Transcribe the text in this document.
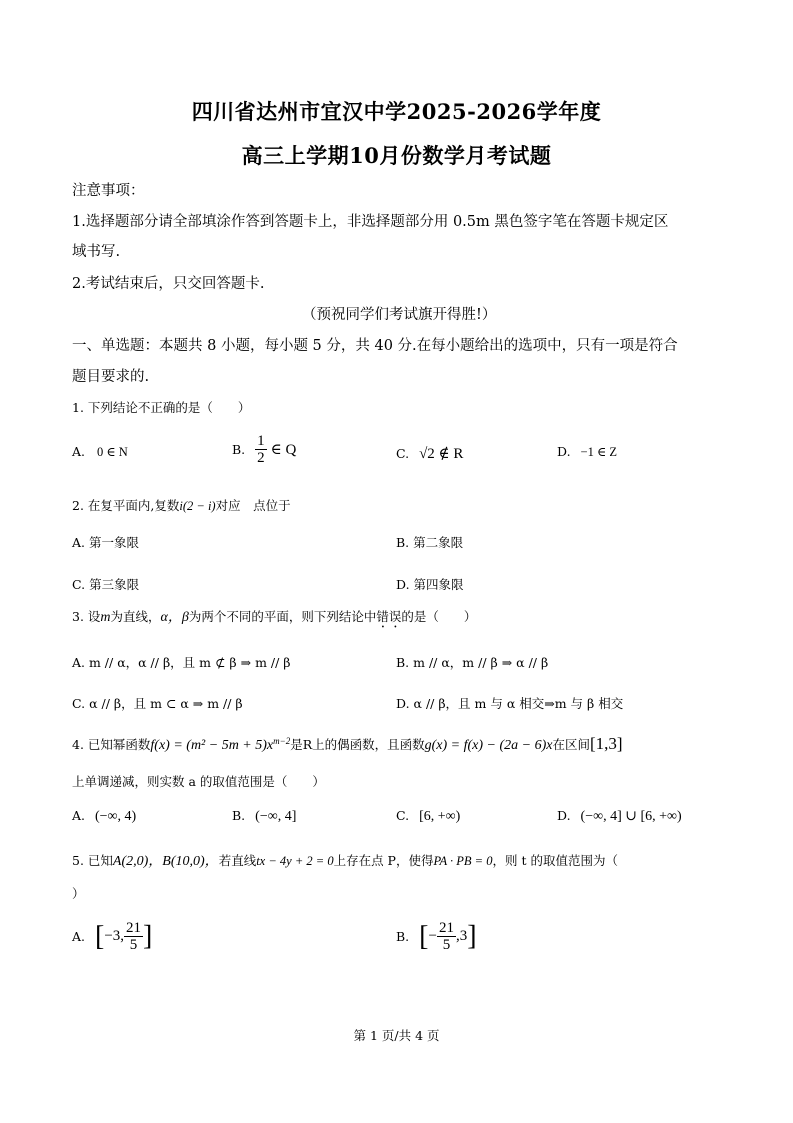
四川省达州市宜汉中学2025-2026学年度
高三上学期10月份数学月考试题
注意事项：
1.选择题部分请全部填涂作答到答题卡上，非选择题部分用 0.5m 黑色签字笔在答题卡规定区
域书写.
2.考试结束后，只交回答题卡.
（预祝同学们考试旗开得胜!）
一、单选题：本题共 8 小题，每小题 5 分，共 40 分.在每小题给出的选项中，只有一项是符合
题目要求的.
1. 下列结论不正确的是（　　）
A. 0 ∈ N	B. $\frac{1}{2}$ ∈ Q	C. √2 ∉ R	D. −1 ∈ Z
2. 在复平面内,复数i(2 − i)对应　点位于
A. 第一象限	B. 第二象限
C. 第三象限	D. 第四象限
3. 设m为直线，α，β为两个不同的平面，则下列结论中错误的是（　　）
A. m // α，α // β，且 m ⊄ β ⇒ m // β	B. m // α，m // β ⇒ α // β
C. α // β，且 m ⊂ α ⇒ m // β	D. α // β，且 m 与 α 相交⇒m 与 β 相交
4. 已知幂函数$f(x) = (m^2 - 5m + 5)x^{m-2}$是R上的偶函数，且函数g(x) = f(x) − (2a − 6)x在区间[1,3]
上单调递减，则实数 a 的取值范围是（　　）
A. (−∞, 4)	B. (−∞, 4]	C. [6, +∞)	D. (−∞, 4] ∪ [6, +∞)
5. 已知A(2,0)，B(10,0)，若直线tx − 4y + 2 = 0上存在点 P，使得PA · PB = 0，则 t 的取值范围为（
）
A. [−3, $\frac{21}{5}$ ]	B. [− $\frac{21}{5} ,3$]
第 1 页/共 4 页
